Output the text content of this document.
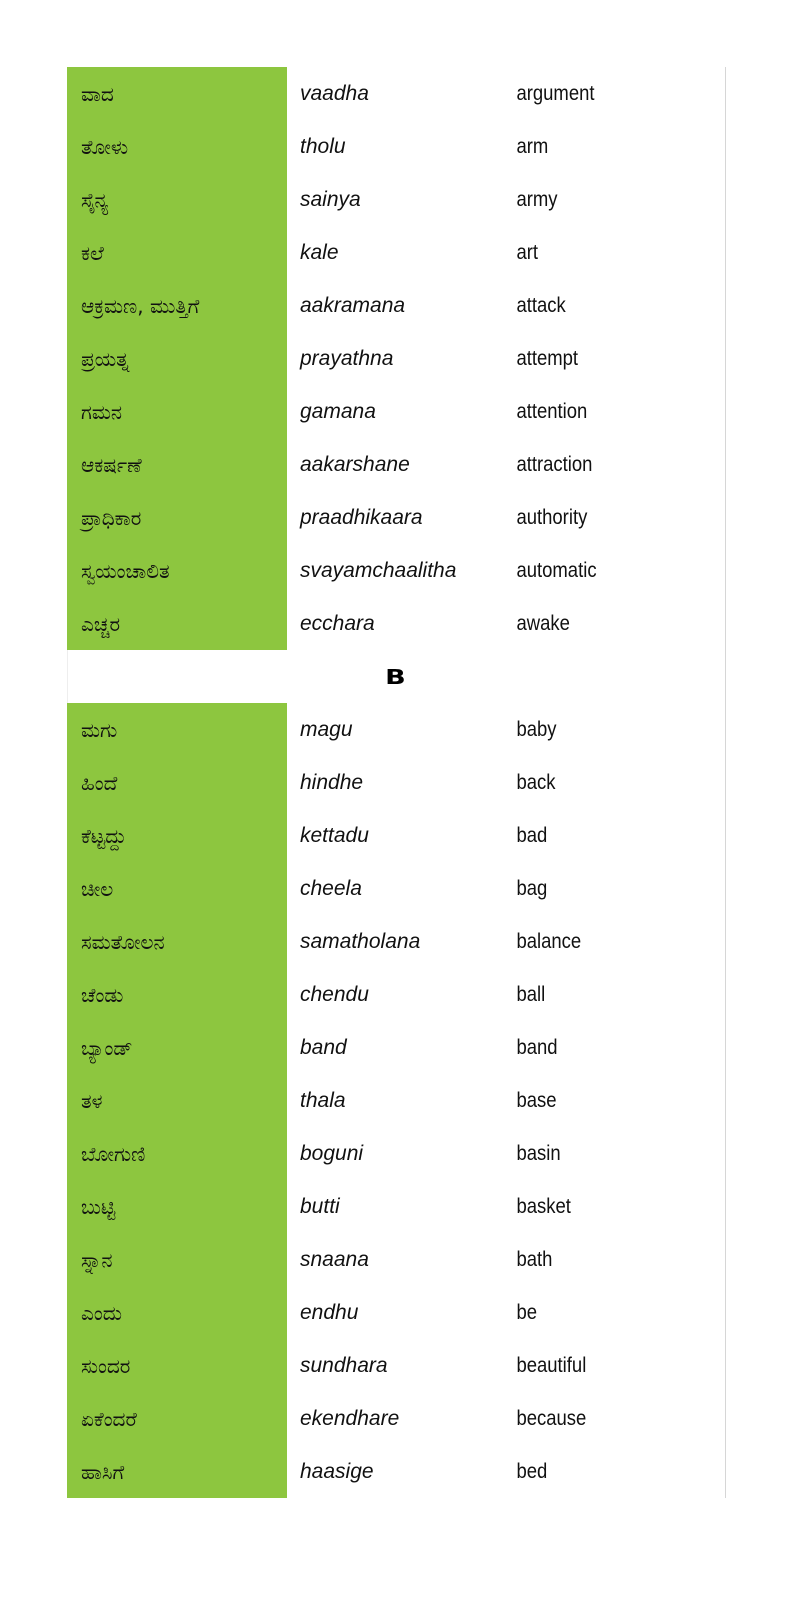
ವಾದ	vaadha	argument
ತೋಳು	tholu	arm
ಸೈನ್ಯ	sainya	army
ಕಲೆ	kale	art
ಆಕ್ರಮಣ, ಮುತ್ತಿಗೆ	aakramana	attack
ಪ್ರಯತ್ನ	prayathna	attempt
ಗಮನ	gamana	attention
ಆಕರ್ಷಣೆ	aakarshane	attraction
ಪ್ರಾಧಿಕಾರ	praadhikaara	authority
ಸ್ವಯಂಚಾಲಿತ	svayamchaalitha	automatic
ಎಚ್ಚರ	ecchara	awake
B
ಮಗು	magu	baby
ಹಿಂದೆ	hindhe	back
ಕೆಟ್ಟದ್ದು	kettadu	bad
ಚೀಲ	cheela	bag
ಸಮತೋಲನ	samatholana	balance
ಚೆಂಡು	chendu	ball
ಬ್ಯಾಂಡ್	band	band
ತಳ	thala	base
ಬೋಗುಣಿ	boguni	basin
ಬುಟ್ಟಿ	butti	basket
ಸ್ನಾನ	snaana	bath
ಎಂದು	endhu	be
ಸುಂದರ	sundhara	beautiful
ಏಕೆಂದರೆ	ekendhare	because
ಹಾಸಿಗೆ	haasige	bed
